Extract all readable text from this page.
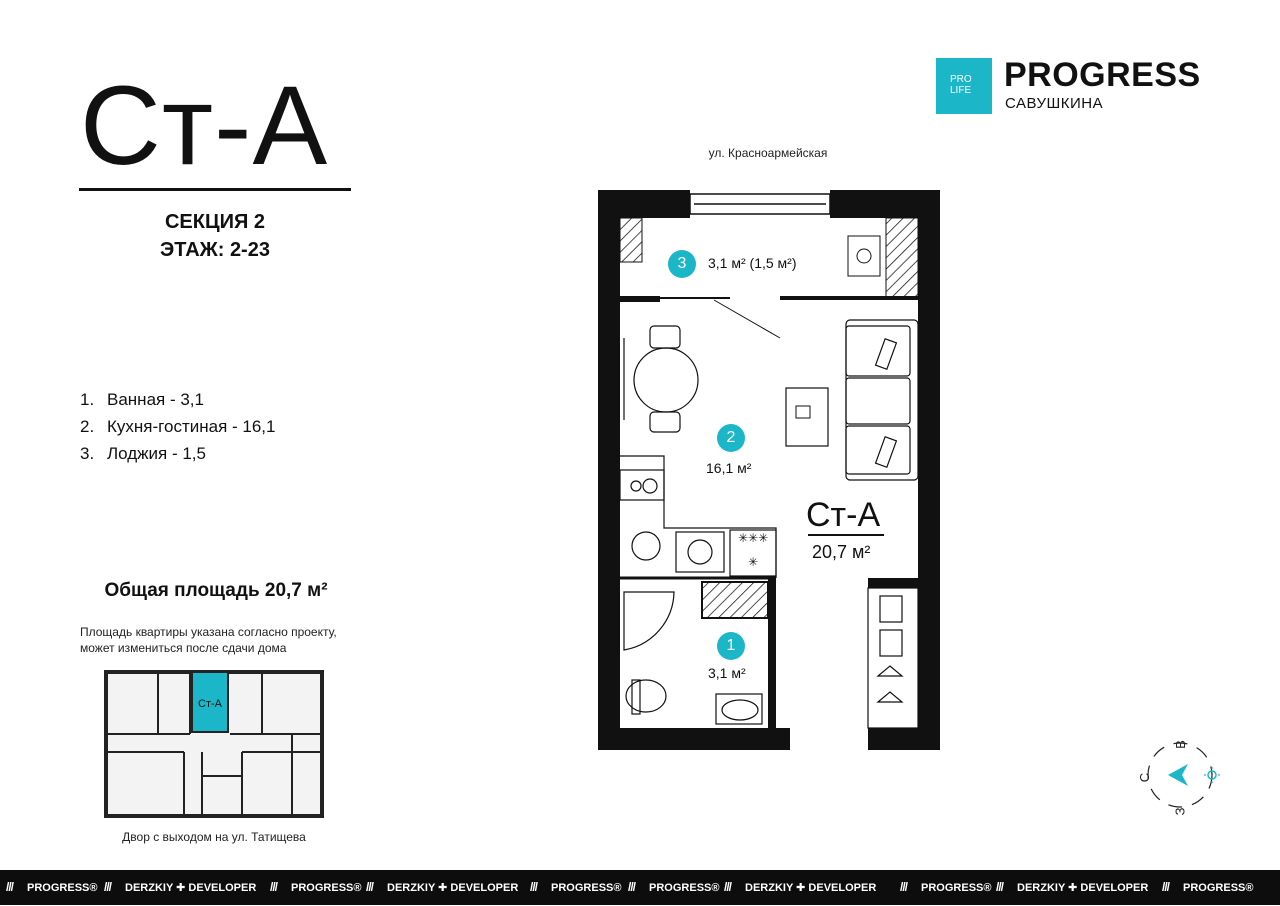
Ст-А
СЕКЦИЯ 2
ЭТАЖ: 2-23
1. Ванная - 3,1
2. Кухня-гостиная - 16,1
3. Лоджия - 1,5
Общая площадь 20,7 м²
Площадь квартиры указана согласно проекту, может измениться после сдачи дома
PRO
LIFE PROGRESS
САВУШКИНА
ул. Красноармейская
✳✳✳
✳
3	3,1 м² (1,5 м²)
2
16,1 м²
1
3,1 м²
Ст-А
20,7 м²
Ст-А
Двор с выходом на ул. Татищева
С
В
З
/// PROGRESS® /// DERZKIY ✚ DEVELOPER /// PROGRESS® /// DERZKIY ✚ DEVELOPER /// PROGRESS® /// PROGRESS® /// DERZKIY ✚ DEVELOPER /// PROGRESS® /// DERZKIY ✚ DEVELOPER /// PROGRESS®
